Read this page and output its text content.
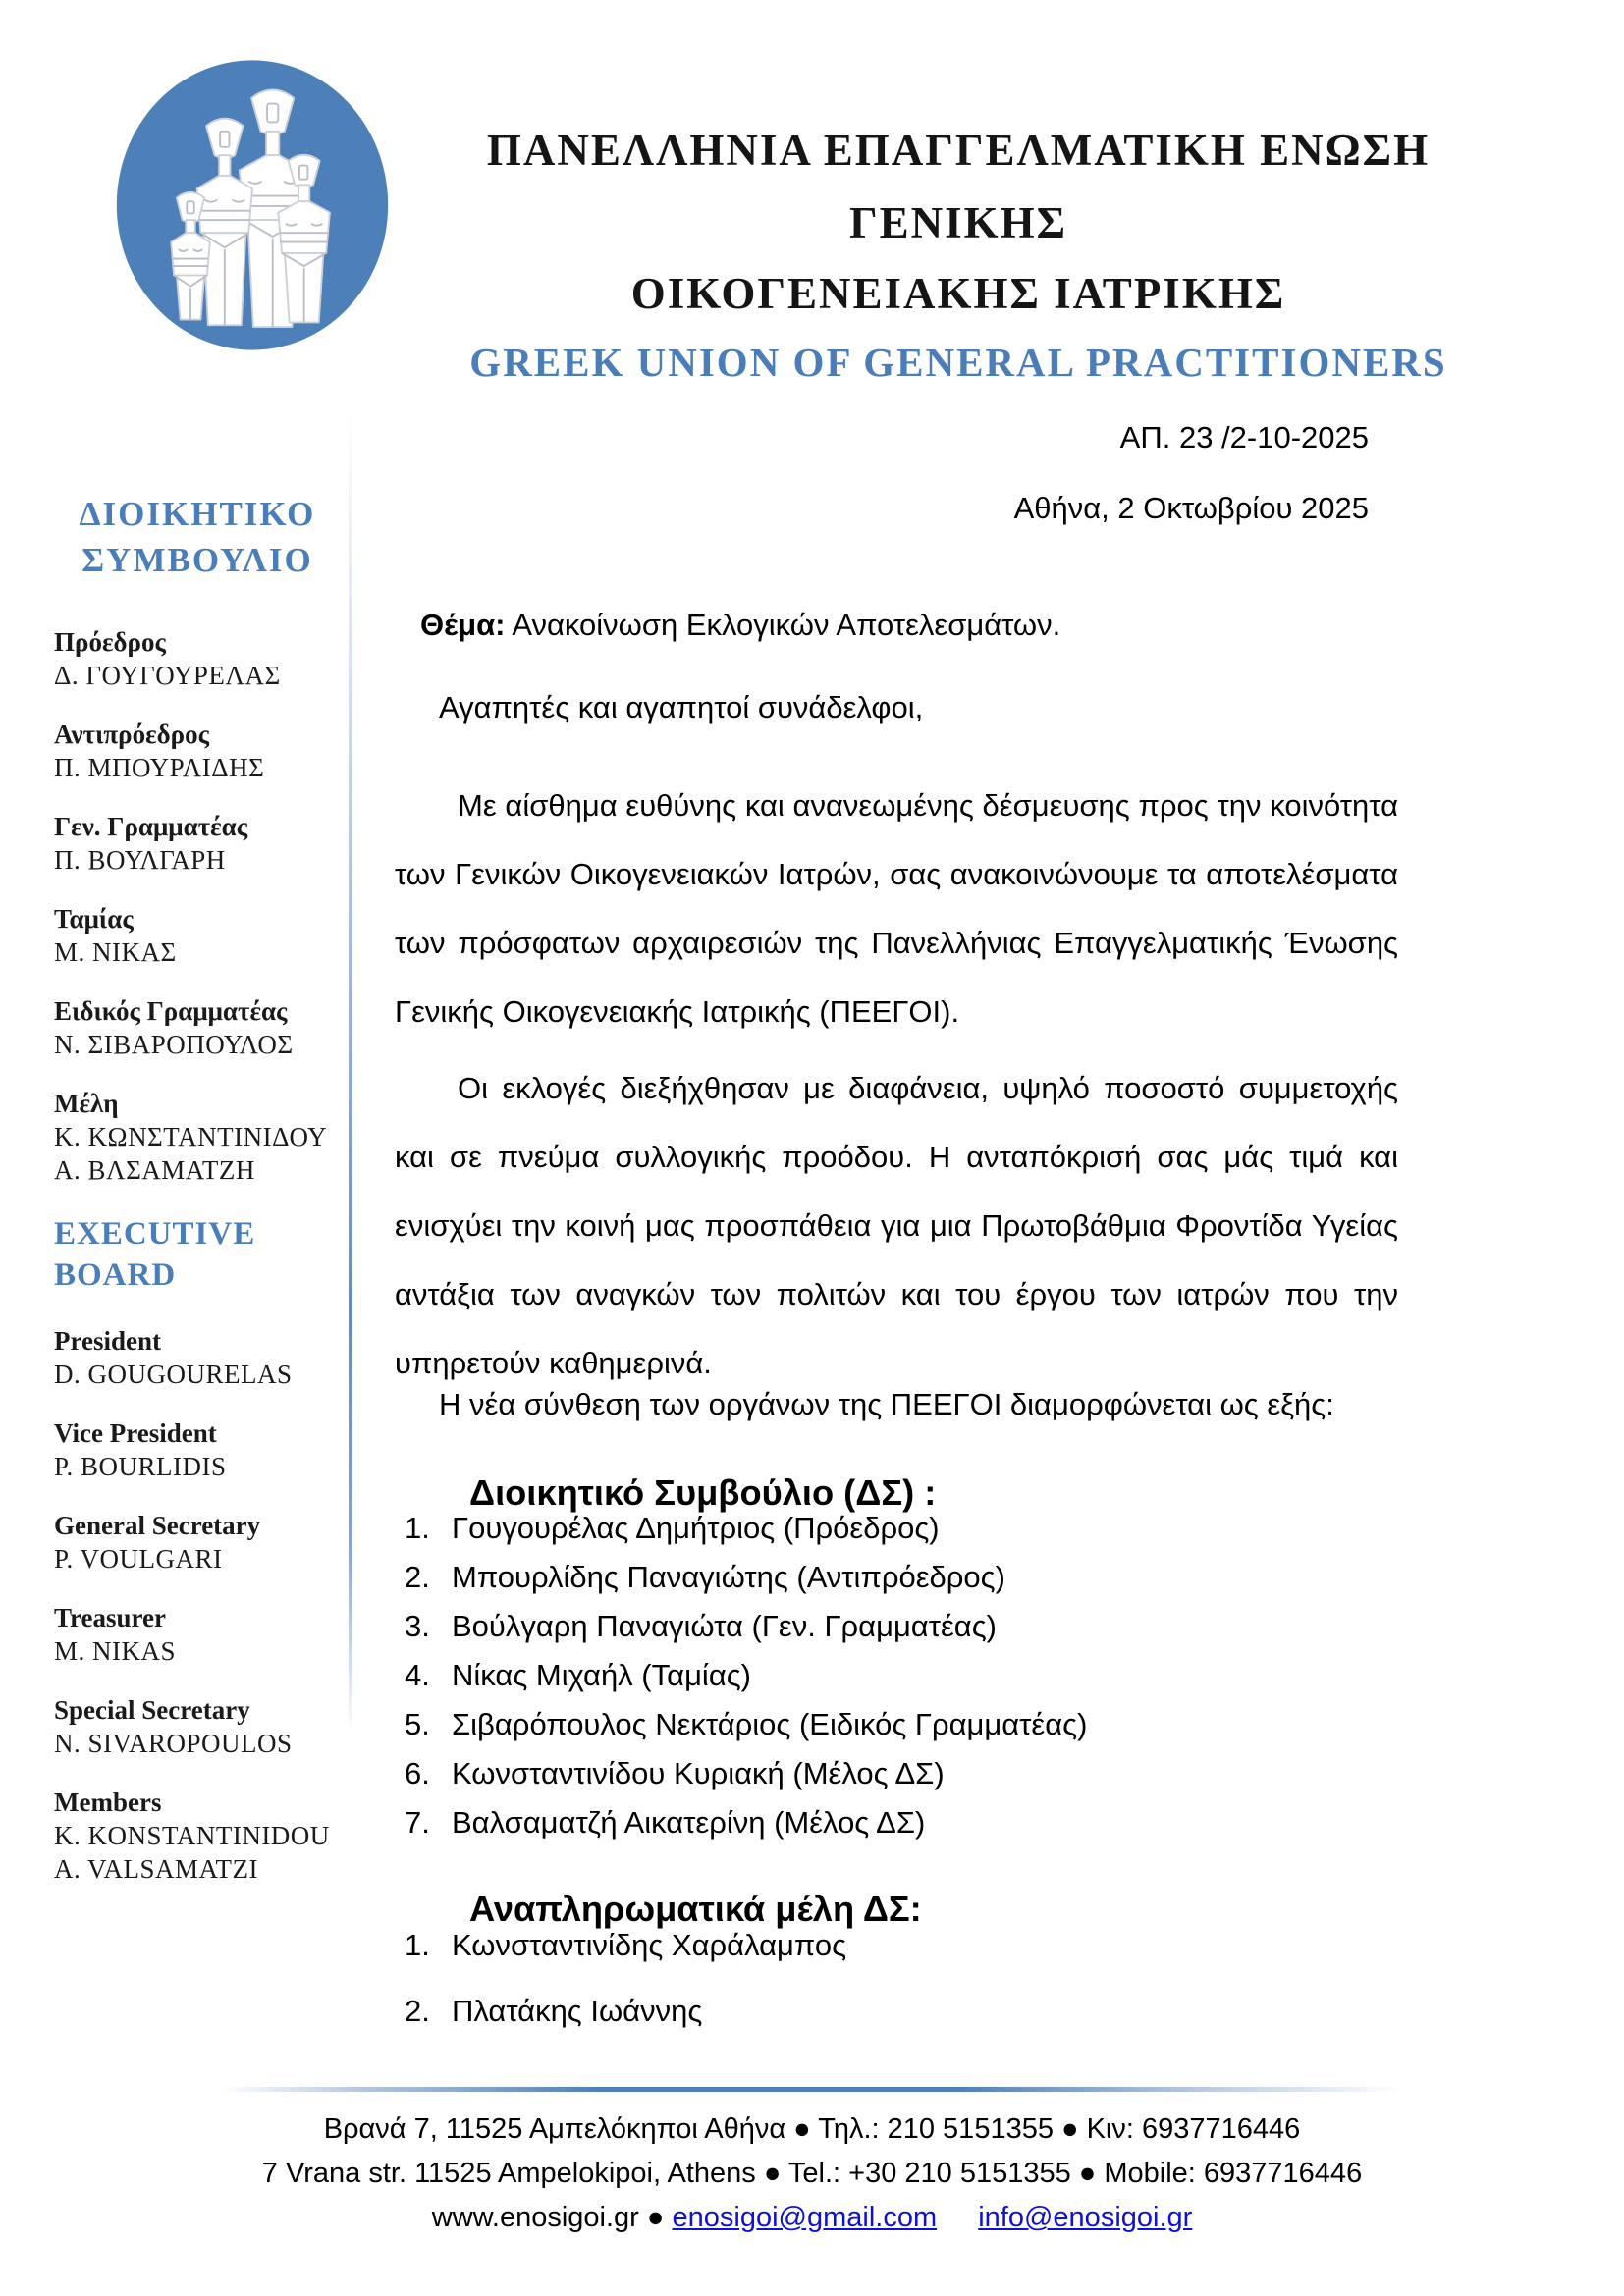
ΠΑΝΕΛΛΗΝΙΑ ΕΠΑΓΓΕΛΜΑΤΙΚΗ ΕΝΩΣΗ ΓΕΝΙΚΗΣ
ΟΙΚΟΓΕΝΕΙΑΚΗΣ ΙΑΤΡΙΚΗΣ
GREEK UNION OF GENERAL PRACTITIONERS
ΔΙΟΙΚΗΤΙΚΟ
ΣΥΜΒΟΥΛΙΟ
Πρόεδρος
Δ. ΓΟΥΓΟΥΡΕΛΑΣ
Αντιπρόεδρος
Π. ΜΠΟΥΡΛΙΔΗΣ
Γεν. Γραμματέας
Π. ΒΟΥΛΓΑΡΗ
Ταμίας
Μ. ΝΙΚΑΣ
Ειδικός Γραμματέας
Ν. ΣΙΒΑΡΟΠΟΥΛΟΣ
Μέλη
Κ. ΚΩΝΣΤΑΝΤΙΝΙΔΟΥ
Α. ΒΛΣΑΜΑΤΖΗ
EXECUTIVE BOARD
President
D. GOUGOURELAS
Vice President
P. BOURLIDIS
General Secretary
P. VOULGARI
Treasurer
M. NIKAS
Special Secretary
N. SIVAROPOULOS
Members
K. KONSTANTINIDOU
A. VALSAMATZI
ΑΠ. 23 /2-10-2025
Αθήνα, 2 Οκτωβρίου 2025

Θέμα: Ανακοίνωση Εκλογικών Αποτελεσμάτων.

Αγαπητές και αγαπητοί συνάδελφοι,

Με αίσθημα ευθύνης και ανανεωμένης δέσμευσης προς την κοινότητα των Γενικών Οικογενειακών Ιατρών, σας ανακοινώνουμε τα αποτελέσματα των πρόσφατων αρχαιρεσιών της Πανελλήνιας Επαγγελματικής Ένωσης Γενικής Οικογενειακής Ιατρικής (ΠΕΕΓΟΙ).

Οι εκλογές διεξήχθησαν με διαφάνεια, υψηλό ποσοστό συμμετοχής και σε πνεύμα συλλογικής προόδου. Η ανταπόκρισή σας μάς τιμά και ενισχύει την κοινή μας προσπάθεια για μια Πρωτοβάθμια Φροντίδα Υγείας αντάξια των αναγκών των πολιτών και του έργου των ιατρών που την υπηρετούν καθημερινά.

Η νέα σύνθεση των οργάνων της ΠΕΕΓΟΙ διαμορφώνεται ως εξής:

Διοικητικό Συμβούλιο (ΔΣ) :
Γουγουρέλας Δημήτριος (Πρόεδρος)
Μπουρλίδης Παναγιώτης (Αντιπρόεδρος)
Βούλγαρη Παναγιώτα (Γεν. Γραμματέας)
Νίκας Μιχαήλ (Ταμίας)
Σιβαρόπουλος Νεκτάριος (Ειδικός Γραμματέας)
Κωνσταντινίδου Κυριακή (Μέλος ΔΣ)
Βαλσαματζή Αικατερίνη (Μέλος ΔΣ)
Αναπληρωματικά μέλη ΔΣ:
Κωνσταντινίδης Χαράλαμπος
Πλατάκης Ιωάννης
Βρανά 7, 11525 Αμπελόκηποι Αθήνα ● Τηλ.: 210 5151355 ● Κιν: 6937716446
7 Vrana str. 11525 Ampelokipoi, Athens ● Tel.: +30 210 5151355 ● Mobile: 6937716446
www.enosigoi.gr ● enosigoi@gmail.com info@enosigoi.gr
